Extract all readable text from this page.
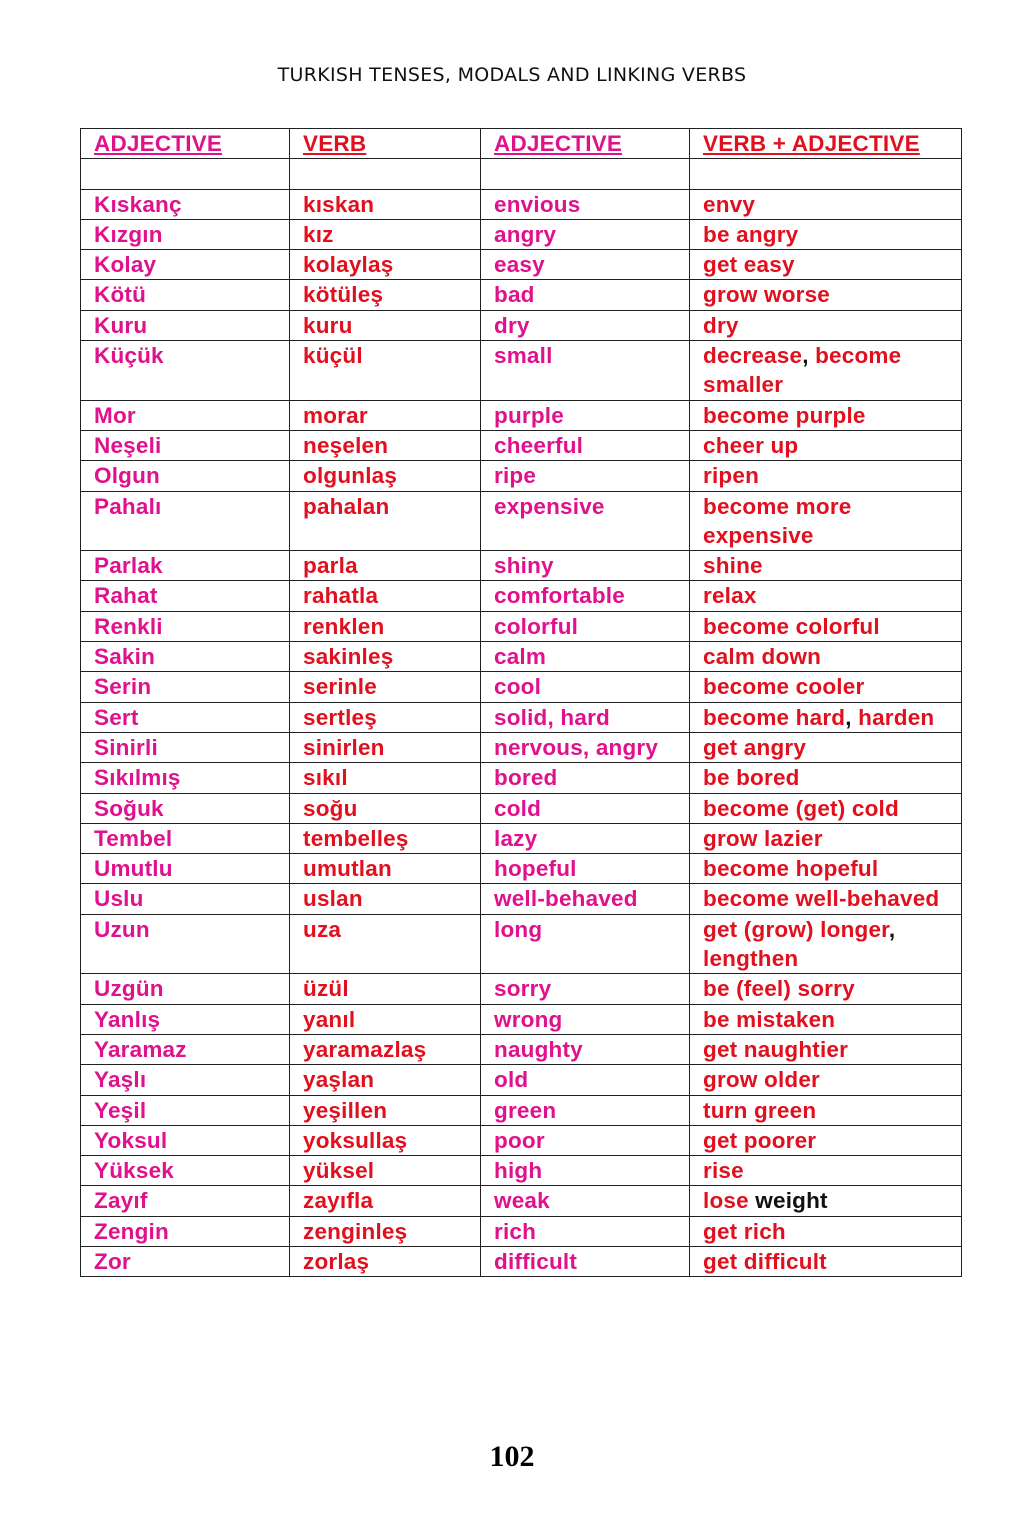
TURKISH TENSES, MODALS AND LINKING VERBS
ADJECTIVE	VERB	ADJECTIVE	VERB + ADJECTIVE

Kıskanç	kıskan	envious	envy
Kızgın	kız	angry	be angry
Kolay	kolaylaş	easy	get easy
Kötü	kötüleş	bad	grow worse
Kuru	kuru	dry	dry
Küçük	küçül	small	decrease, become smaller
Mor	morar	purple	become purple
Neşeli	neşelen	cheerful	cheer up
Olgun	olgunlaş	ripe	ripen
Pahalı	pahalan	expensive	become more expensive
Parlak	parla	shiny	shine
Rahat	rahatla	comfortable	relax
Renkli	renklen	colorful	become colorful
Sakin	sakinleş	calm	calm down
Serin	serinle	cool	become cooler
Sert	sertleş	solid, hard	become hard, harden
Sinirli	sinirlen	nervous, angry	get angry
Sıkılmış	sıkıl	bored	be bored
Soğuk	soğu	cold	become (get) cold
Tembel	tembelleş	lazy	grow lazier
Umutlu	umutlan	hopeful	become hopeful
Uslu	uslan	well-behaved	become well-behaved
Uzun	uza	long	get (grow) longer, lengthen
Uzgün	üzül	sorry	be (feel) sorry
Yanlış	yanıl	wrong	be mistaken
Yaramaz	yaramazlaş	naughty	get naughtier
Yaşlı	yaşlan	old	grow older
Yeşil	yeşillen	green	turn green
Yoksul	yoksullaş	poor	get poorer
Yüksek	yüksel	high	rise
Zayıf	zayıfla	weak	lose weight
Zengin	zenginleş	rich	get rich
Zor	zorlaş	difficult	get difficult
102
